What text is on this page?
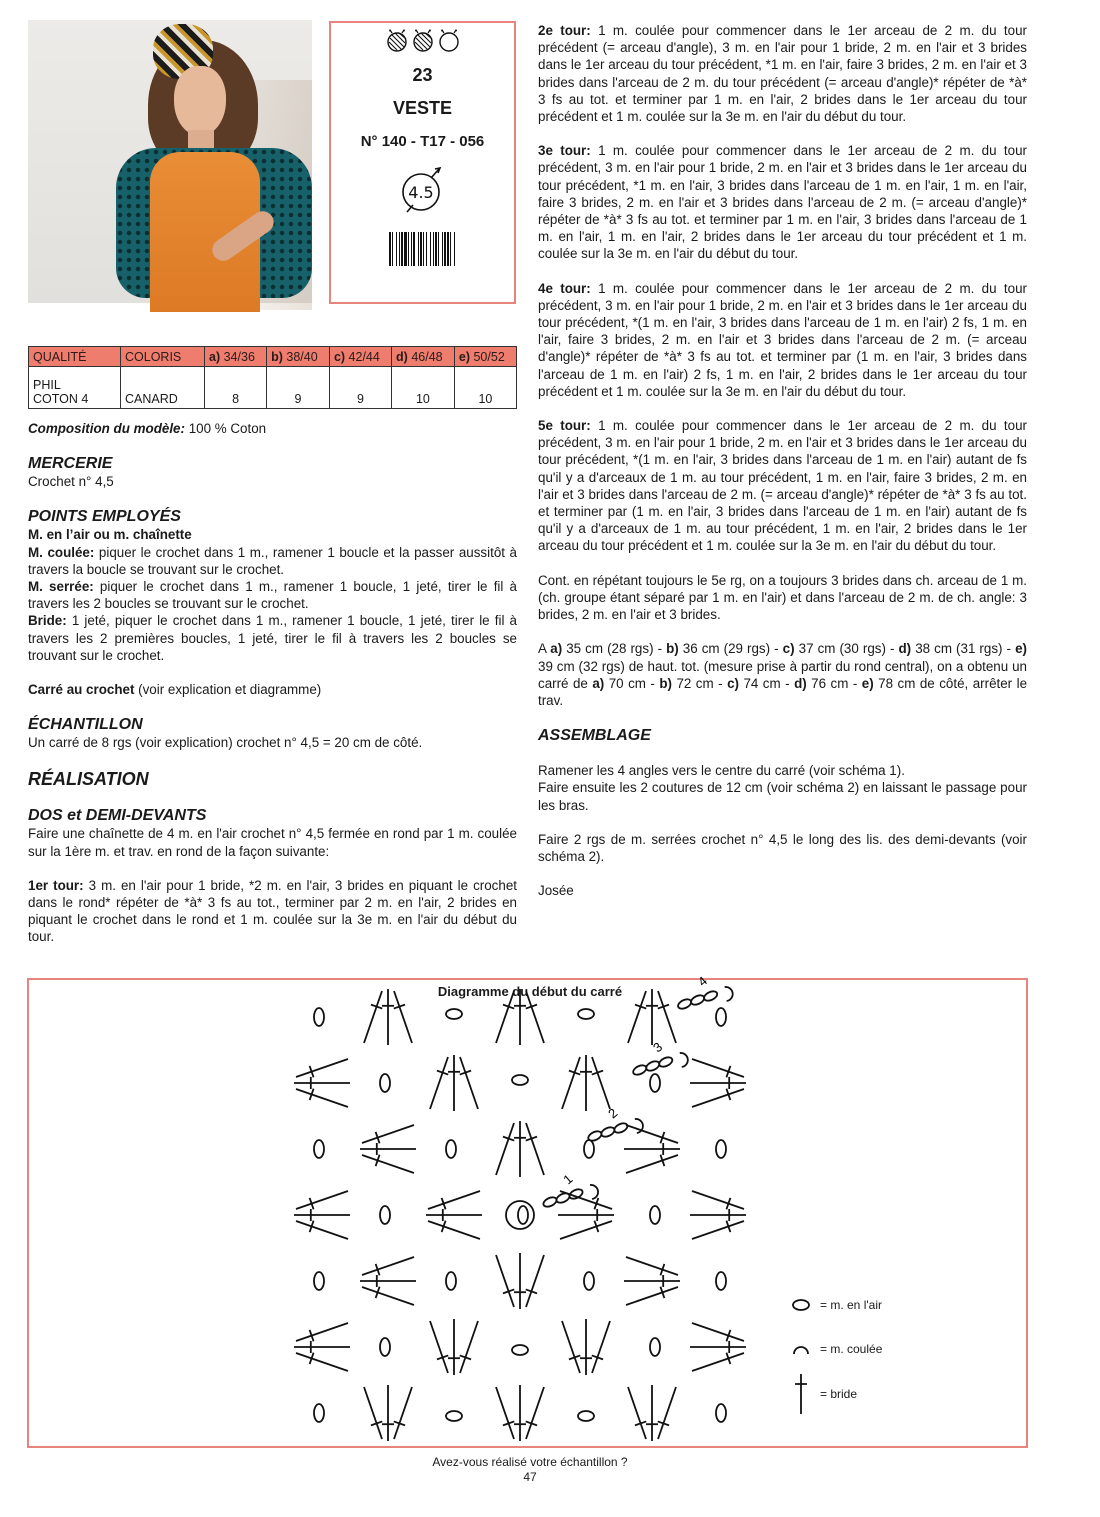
23
VESTE
N° 140 - T17 - 056
4.5
QUALITÉ	COLORIS	a) 34/36	b) 38/40	c) 42/44	d) 46/48	e) 50/52
PHIL
COTON 4	CANARD	8	9	9	10	10

Composition du modèle: 100 % Coton

MERCERIE

Crochet n° 4,5

POINTS EMPLOYÉS

M. en l’air ou m. chaînette

M. coulée: piquer le crochet dans 1 m., ramener 1 boucle et la passer aussitôt à travers la boucle se trouvant sur le crochet.

M. serrée: piquer le crochet dans 1 m., ramener 1 boucle, 1 jeté, tirer le fil à travers les 2 boucles se trouvant sur le crochet.

Bride: 1 jeté, piquer le crochet dans 1 m., ramener 1 boucle, 1 jeté, tirer le fil à travers les 2 premières boucles, 1 jeté, tirer le fil à travers les 2 boucles se trouvant sur le crochet.

Carré au crochet (voir explication et diagramme)

ÉCHANTILLON

Un carré de 8 rgs (voir explication) crochet n° 4,5 = 20 cm de côté.

RÉALISATION
DOS et DEMI-DEVANTS

Faire une chaînette de 4 m. en l'air crochet n° 4,5 fermée en rond par 1 m. coulée sur la 1ère m. et trav. en rond de la façon suivante:

1er tour: 3 m. en l'air pour 1 bride, *2 m. en l'air, 3 brides en piquant le crochet dans le rond* répéter de *à* 3 fs au tot., terminer par 2 m. en l'air, 2 brides en piquant le crochet dans le rond et 1 m. coulée sur la 3e m. en l'air du début du tour.

2e tour: 1 m. coulée pour commencer dans le 1er arceau de 2 m. du tour précédent (= arceau d'angle), 3 m. en l'air pour 1 bride, 2 m. en l'air et 3 brides dans le 1er arceau du tour précédent, *1 m. en l'air, faire 3 brides, 2 m. en l'air et 3 brides dans l'arceau de 2 m. du tour précédent (= arceau d'angle)* répéter de *à* 3 fs au tot. et terminer par 1 m. en l'air, 2 brides dans le 1er arceau du tour précédent et 1 m. coulée sur la 3e m. en l'air du début du tour.

3e tour: 1 m. coulée pour commencer dans le 1er arceau de 2 m. du tour précédent, 3 m. en l'air pour 1 bride, 2 m. en l'air et 3 brides dans le 1er arceau du tour précédent, *1 m. en l'air, 3 brides dans l'arceau de 1 m. en l'air, 1 m. en l'air, faire 3 brides, 2 m. en l'air et 3 brides dans l'arceau de 2 m. (= arceau d'angle)* répéter de *à* 3 fs au tot. et terminer par 1 m. en l'air, 3 brides dans l'arceau de 1 m. en l'air, 1 m. en l'air, 2 brides dans le 1er arceau du tour précédent et 1 m. coulée sur la 3e m. en l'air du début du tour.

4e tour: 1 m. coulée pour commencer dans le 1er arceau de 2 m. du tour précédent, 3 m. en l'air pour 1 bride, 2 m. en l'air et 3 brides dans le 1er arceau du tour précédent, *(1 m. en l'air, 3 brides dans l'arceau de 1 m. en l'air) 2 fs, 1 m. en l'air, faire 3 brides, 2 m. en l'air et 3 brides dans l'arceau de 2 m. (= arceau d'angle)* répéter de *à* 3 fs au tot. et terminer par (1 m. en l'air, 3 brides dans l'arceau de 1 m. en l'air) 2 fs, 1 m. en l'air, 2 brides dans le 1er arceau du tour précédent et 1 m. coulée sur la 3e m. en l'air du début du tour.

5e tour: 1 m. coulée pour commencer dans le 1er arceau de 2 m. du tour précédent, 3 m. en l'air pour 1 bride, 2 m. en l'air et 3 brides dans le 1er arceau du tour précédent, *(1 m. en l'air, 3 brides dans l'arceau de 1 m. en l'air) autant de fs qu'il y a d'arceaux de 1 m. au tour précédent, 1 m. en l'air, faire 3 brides, 2 m. en l'air et 3 brides dans l'arceau de 2 m. (= arceau d'angle)* répéter de *à* 3 fs au tot. et terminer par (1 m. en l'air, 3 brides dans l'arceau de 1 m. en l'air) autant de fs qu'il y a d'arceaux de 1 m. au tour précédent, 1 m. en l'air, 2 brides dans le 1er arceau du tour précédent et 1 m. coulée sur la 3e m. en l'air du début du tour.

Cont. en répétant toujours le 5e rg, on a toujours 3 brides dans ch. arceau de 1 m. (ch. groupe étant séparé par 1 m. en l'air) et dans l'arceau de 2 m. de ch. angle: 3 brides, 2 m. en l'air et 3 brides.

A a) 35 cm (28 rgs) - b) 36 cm (29 rgs) - c) 37 cm (30 rgs) - d) 38 cm (31 rgs) - e) 39 cm (32 rgs) de haut. tot. (mesure prise à partir du rond central), on a obtenu un carré de a) 70 cm - b) 72 cm - c) 74 cm - d) 76 cm - e) 78 cm de côté, arrêter le trav.

ASSEMBLAGE

Ramener les 4 angles vers le centre du carré (voir schéma 1).

Faire ensuite les 2 coutures de 12 cm (voir schéma 2) en laissant le passage pour les bras.

Faire 2 rgs de m. serrées crochet n° 4,5 le long des lis. des demi-devants (voir schéma 2).

Josée

Diagramme du début du carré
1
2
3
4
= m. en l'air
= m. coulée
= bride
Avez-vous réalisé votre échantillon ?
47
